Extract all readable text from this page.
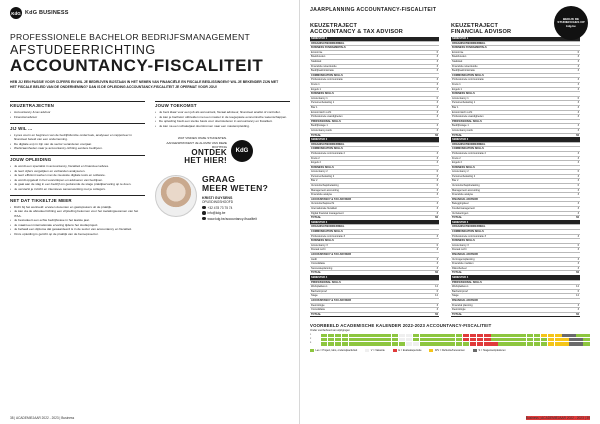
KdG KdG BUSINESS
PROFESSIONELE BACHELOR BEDRIJFSMANAGEMENT
AFSTUDEERRICHTING
ACCOUNTANCY-FISCALITEIT
HEB JIJ EEN PASSIE VOOR CIJFERS EN WIL JE BEDRIJVEN BIJSTAAN IN HET NEMEN VAN FINANCIËLE EN FISCALE BESLISSINGEN? WIL JE BEKENDER ZIJN MET HET FISCALE BELEID VAN DE ONDERNEMING? DAN IS DE OPLEIDING ACCOUNTANCY-FISCALITEIT JE OPERMAT VOOR JOU!
KEUZETRAJECTEN
• Accountancy & tax advisor
• Financial advisor
JIJ WIL ...
• Lynes voorn en beginnen van de bedrijfsfunctie onderzoek, analyseer en rapporteer in financieel beleid van een onderneming.
• De digitale exp in zijn van de sector veranderen voorjaar.
• Werkzaamheden naar je accountancy-richting eerdere bedrijven.
JOUW OPLEIDING
• Je wordt een specialist in accountancy, fiscaliteit en financieel advies.
• Je leert cijfers vergelijken en verbanden analyseren.
• Je leert efficiënt werken met de nieuwste digitale tools en software.
• Je wordt opgeleid in het vooruitlopen en adviseren van bedrijven.
• Je gaat aan de slag in een bedrijf om gedurende de stage praktijkervaring op te doen.
• Je versterkt je inzicht en intensieve samenwerking met je collega's.
NET DAT TIKKELTJE MEER
• Dicht bij het werkveld: ervaren docenten en gastsprekers uit de praktijk.
• Je kan via de afstudeerrichting een vrijstelling bekomen voor het toelatingsexamen van het ITAA.
• Je bestudeert een echte bedrijfscase in het laatste jaar.
• Je maakt een internationale ervaring tijdens het studieproject.
• Je behaalt een diploma dat gewaardeerd is in de sector van accountancy en fiscaliteit.
• Onze opleiding is gericht op de praktijk van de beroepssector.
JOUW TOEKOMST
• Je bent klaar voor een job als accountant, fiscaal adviseur, financieel analist of controller.
• Je kan je bachelor uitbreiden met een master in de toegepaste economische wetenschappen.
• De opleiding biedt een sterke basis voor doorstuderen in accountancy en fiscaliteit.
• Je kan na een schakeljaar doorstromen naar een masteropleiding.
WAT VINDEN ONZE STUDENTEN. AANGESPROKEN? JE ALUMNI VAN DEZE RICHTING
ONTDEK
HET HIER!
KdG
GRAAG
MEER WETEN?
KRISTI GUYSENS
OPLEIDINGSHOOFD
+32 478 73 75 74
info@kdg.be
www.kdg.be/accountancy-fiscaliteit
38 | ACADEMIEJAAR 2022 - 2023 | Business
JAARPLANNING ACCOUNTANCY-FISCALITEIT
BEKIJK DE STUDIEFICHES OP kdg.be
KEUZETRAJECT
ACCOUNTANCY & TAX ADVISOR
SEMESTER 1	
ORGANISATIEONDERDEEL	
BUSINESS FUNDAMENTALS	
Economie	6
Boekhouden	3
Statistiek	3
Financiële rekenkunde	3
Bedrijfsadministratie	3
COMMUNICATION SKILLS	
Professionele communicatie	3
Frans 1	3
Engels 1	3
BUSINESS SKILLS	
Accountancy 1	6
Personenbelasting 1	3
Btw 1	3
Economisch recht	3
Professionele vaardigheden	3
PROFESSIONAL SKILLS	
Bedrijfsstage 1	3
Accountancy-tools	3
TOTAAL	60
SEMESTER 2	
ORGANISATIEONDERDEEL	
COMMUNICATION SKILLS	
Professionele communicatie 2	3
Frans 2	3
Engels 2	3
BUSINESS SKILLS	
Accountancy 2	6
Personenbelasting 2	3
Btw 2	3
Vennootschapsbelasting	6
Management accounting	3
Financiële analyse	3
ACCOUNTANCY & TAX ADVISOR	
Vennootschapsrecht	3
Internationale fiscaliteit	3
Digital financial management	3
TOTAAL	60
SEMESTER 3	
ORGANISATIEONDERDEEL	
COMMUNICATION SKILLS	
Professionele communicatie 3	3
BUSINESS SKILLS	
Accountancy 3	6
Fiscaal recht	3
ACCOUNTANCY & TAX ADVISOR	
Audit	3
Consolidatie	3
Successieplanning	3
TOTAAL	60
SEMESTER 4	
PROFESSIONAL SKILLS	
Werkplekleren	12
Bachelorproef	6
Stage	12
ACCOUNTANCY & TAX ADVISOR	
Deontologie	3
Consolidatie	3
TOTAAL	60
KEUZETRAJECT
FINANCIAL ADVISOR
SEMESTER 1	
ORGANISATIEONDERDEEL	
BUSINESS FUNDAMENTALS	
Economie	6
Boekhouden	3
Statistiek	3
Financiële rekenkunde	3
Bedrijfsadministratie	3
COMMUNICATION SKILLS	
Professionele communicatie	3
Frans 1	3
Engels 1	3
BUSINESS SKILLS	
Accountancy 1	6
Personenbelasting 1	3
Btw 1	3
Economisch recht	3
Professionele vaardigheden	3
PROFESSIONAL SKILLS	
Bedrijfsstage 1	3
Accountancy-tools	3
TOTAAL	60
SEMESTER 2	
ORGANISATIEONDERDEEL	
COMMUNICATION SKILLS	
Professionele communicatie 2	3
Frans 2	3
Engels 2	3
BUSINESS SKILLS	
Accountancy 2	6
Personenbelasting 2	3
Btw 2	3
Vennootschapsbelasting	6
Management accounting	3
Financiële analyse	3
FINANCIAL ADVISOR	
Beleggingsleer	3
Kredietmanagement	3
Verzekeringen	3
TOTAAL	60
SEMESTER 3	
ORGANISATIEONDERDEEL	
COMMUNICATION SKILLS	
Professionele communicatie 3	3
BUSINESS SKILLS	
Accountancy 3	6
Fiscaal recht	3
FINANCIAL ADVISOR	
Vermogensplanning	3
Financiële markten	3
Risicobeheer	3
TOTAAL	60
SEMESTER 4	
PROFESSIONAL SKILLS	
Werkplekleren	12
Bachelorproef	6
Stage	12
FINANCIAL ADVISOR	
Financial planning	3
Deontologie	3
TOTAAL	60
VOORBEELD ACADEMISCHE KALENDER 2022-2023 ACCOUNTANCY-FISCALITEIT
Onder voorbehoud van wijzigingen
1
2
3
Les = Project, labo, onderwijsactiviteit	V = Vakantie	E = Evaluatieperiode	R/V = Reflectie/herexamen	S = Stage/werkplekleren
Business | ACADEMIEJAAR 2022 - 2023 | 39
